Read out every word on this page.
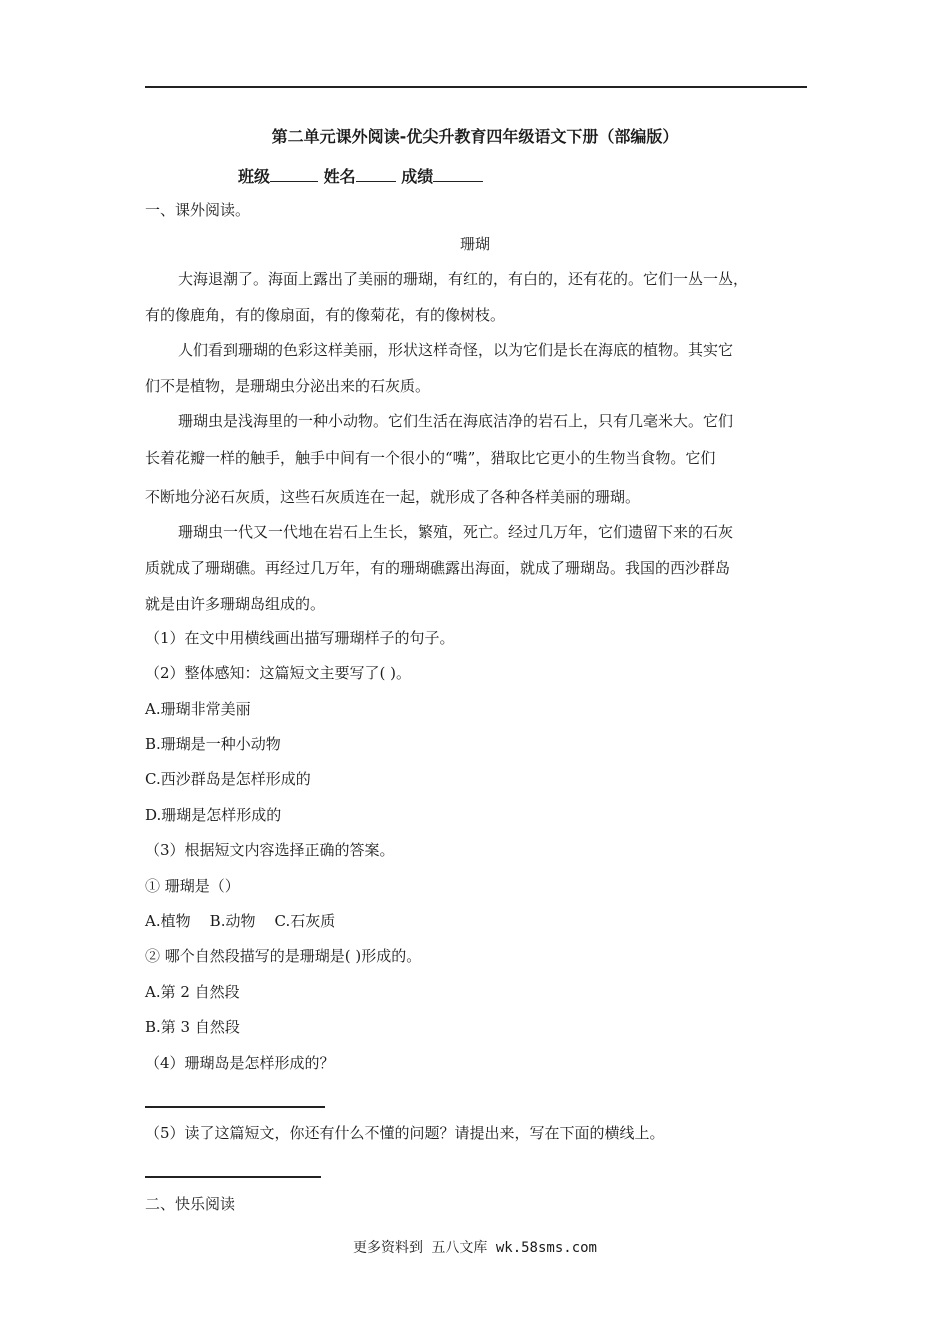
第二单元课外阅读-优尖升教育四年级语文下册（部编版）
班级	姓名	成绩
一、课外阅读。
珊瑚
大海退潮了。海面上露出了美丽的珊瑚，有红的，有白的，还有花的。它们一丛一丛，
有的像鹿角，有的像扇面，有的像菊花，有的像树枝。
人们看到珊瑚的色彩这样美丽，形状这样奇怪，以为它们是长在海底的植物。其实它
们不是植物，是珊瑚虫分泌出来的石灰质。
珊瑚虫是浅海里的一种小动物。它们生活在海底洁净的岩石上，只有几毫米大。它们
长着花瓣一样的触手，触手中间有一个很小的“嘴”，猎取比它更小的生物当食物。它们
不断地分泌石灰质，这些石灰质连在一起，就形成了各种各样美丽的珊瑚。
珊瑚虫一代又一代地在岩石上生长，繁殖，死亡。经过几万年，它们遗留下来的石灰
质就成了珊瑚礁。再经过几万年，有的珊瑚礁露出海面，就成了珊瑚岛。我国的西沙群岛
就是由许多珊瑚岛组成的。
（1）在文中用横线画出描写珊瑚样子的句子。
（2）整体感知：这篇短文主要写了( )。
A.珊瑚非常美丽
B.珊瑚是一种小动物
C.西沙群岛是怎样形成的
D.珊瑚是怎样形成的
（3）根据短文内容选择正确的答案。
① 珊瑚是（）
A.植物    B.动物    C.石灰质
② 哪个自然段描写的是珊瑚是( )形成的。
A.第 2 自然段
B.第 3 自然段
（4）珊瑚岛是怎样形成的？
（5）读了这篇短文，你还有什么不懂的问题？请提出来，写在下面的横线上。
二、快乐阅读
更多资料到 五八文库 wk.58sms.com
